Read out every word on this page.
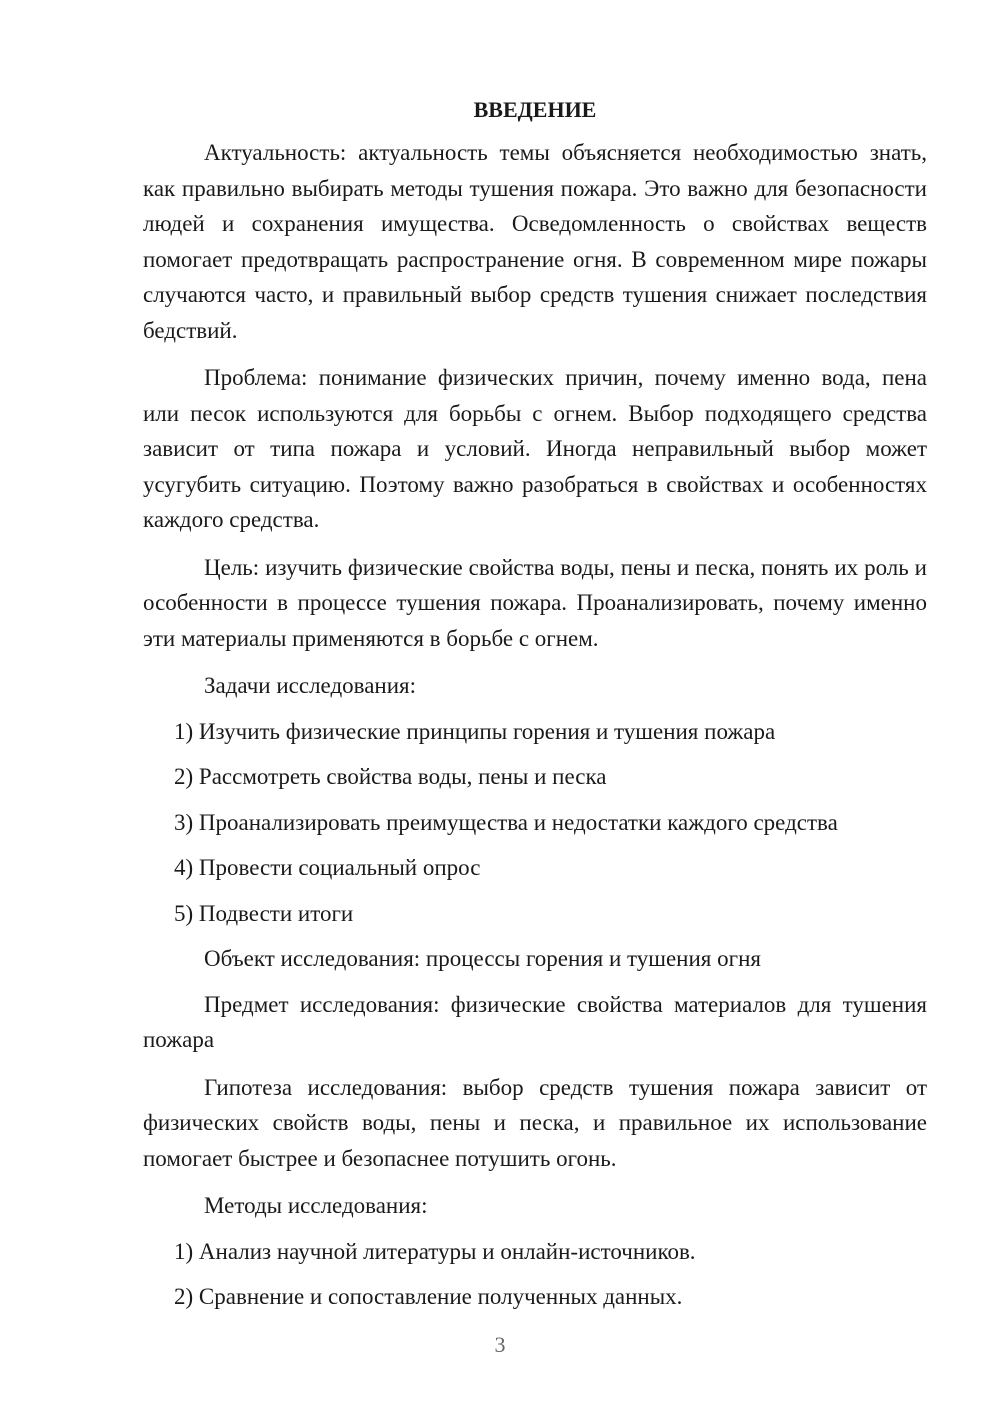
ВВЕДЕНИЕ

Актуальность: актуальность темы объясняется необходимостью знать, как правильно выбирать методы тушения пожара. Это важно для безопасности людей и сохранения имущества. Осведомленность о свойствах веществ помогает предотвращать распространение огня. В современном мире пожары случаются часто, и правильный выбор средств тушения снижает последствия бедствий.

Проблема: понимание физических причин, почему именно вода, пена или песок используются для борьбы с огнем. Выбор подходящего средства зависит от типа пожара и условий. Иногда неправильный выбор может усугубить ситуацию. Поэтому важно разобраться в свойствах и особенностях каждого средства.

Цель: изучить физические свойства воды, пены и песка, понять их роль и особенности в процессе тушения пожара. Проанализировать, почему именно эти материалы применяются в борьбе с огнем.

Задачи исследования:
1) Изучить физические принципы горения и тушения пожара
2) Рассмотреть свойства воды, пены и песка
3) Проанализировать преимущества и недостатки каждого средства
4) Провести социальный опрос
5) Подвести итоги
Объект исследования: процессы горения и тушения огня

Предмет исследования: физические свойства материалов для тушения пожара

Гипотеза исследования: выбор средств тушения пожара зависит от физических свойств воды, пены и песка, и правильное их использование помогает быстрее и безопаснее потушить огонь.

Методы исследования:
1) Анализ научной литературы и онлайн-источников.
2) Сравнение и сопоставление полученных данных.
3
